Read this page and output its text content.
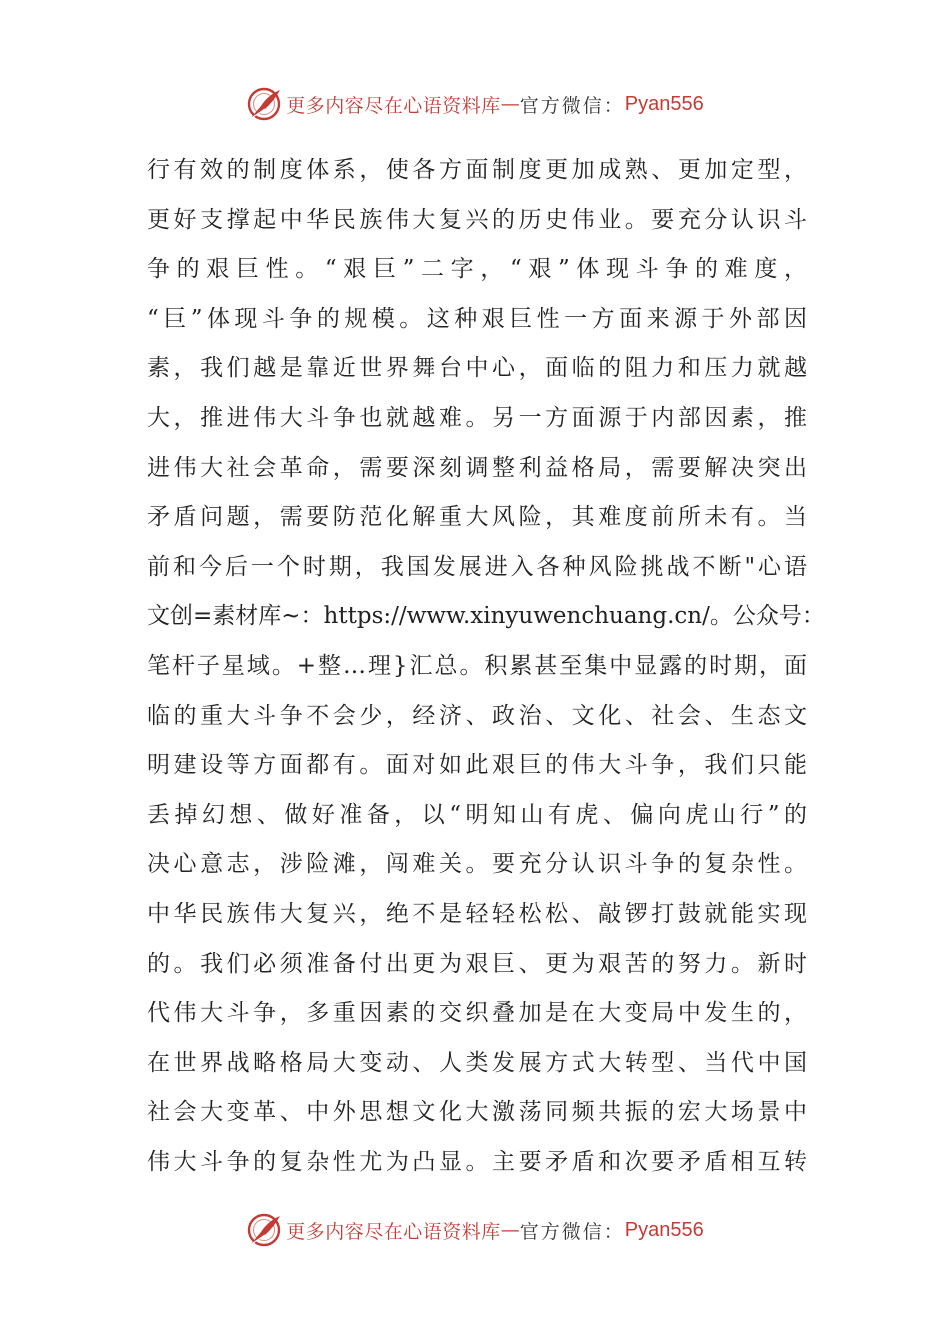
更多内容尽在心语资料库 — 官方微信： Pyan556
行有效的制度体系，使各方面制度更加成熟、更加定型，
更好支撑起中华民族伟大复兴的历史伟业。要充分认识斗
争的艰巨性。“艰巨”二字，“艰”体现斗争的难度，
“巨”体现斗争的规模。这种艰巨性一方面来源于外部因
素，我们越是靠近世界舞台中心，面临的阻力和压力就越
大，推进伟大斗争也就越难。另一方面源于内部因素，推
进伟大社会革命，需要深刻调整利益格局，需要解决突出
矛盾问题，需要防范化解重大风险，其难度前所未有。当
前和今后一个时期，我国发展进入各种风险挑战不断"心语
文创=素材库~：https://www.xinyuwenchuang.cn/。公众号：
笔杆子星域。+整…理}汇总。积累甚至集中显露的时期，面
临的重大斗争不会少，经济、政治、文化、社会、生态文
明建设等方面都有。面对如此艰巨的伟大斗争，我们只能
丢掉幻想、做好准备，以“明知山有虎、偏向虎山行”的
决心意志，涉险滩，闯难关。要充分认识斗争的复杂性。
中华民族伟大复兴，绝不是轻轻松松、敲锣打鼓就能实现
的。我们必须准备付出更为艰巨、更为艰苦的努力。新时
代伟大斗争，多重因素的交织叠加是在大变局中发生的，
在世界战略格局大变动、人类发展方式大转型、当代中国
社会大变革、中外思想文化大激荡同频共振的宏大场景中
伟大斗争的复杂性尤为凸显。主要矛盾和次要矛盾相互转
更多内容尽在心语资料库 — 官方微信： Pyan556
